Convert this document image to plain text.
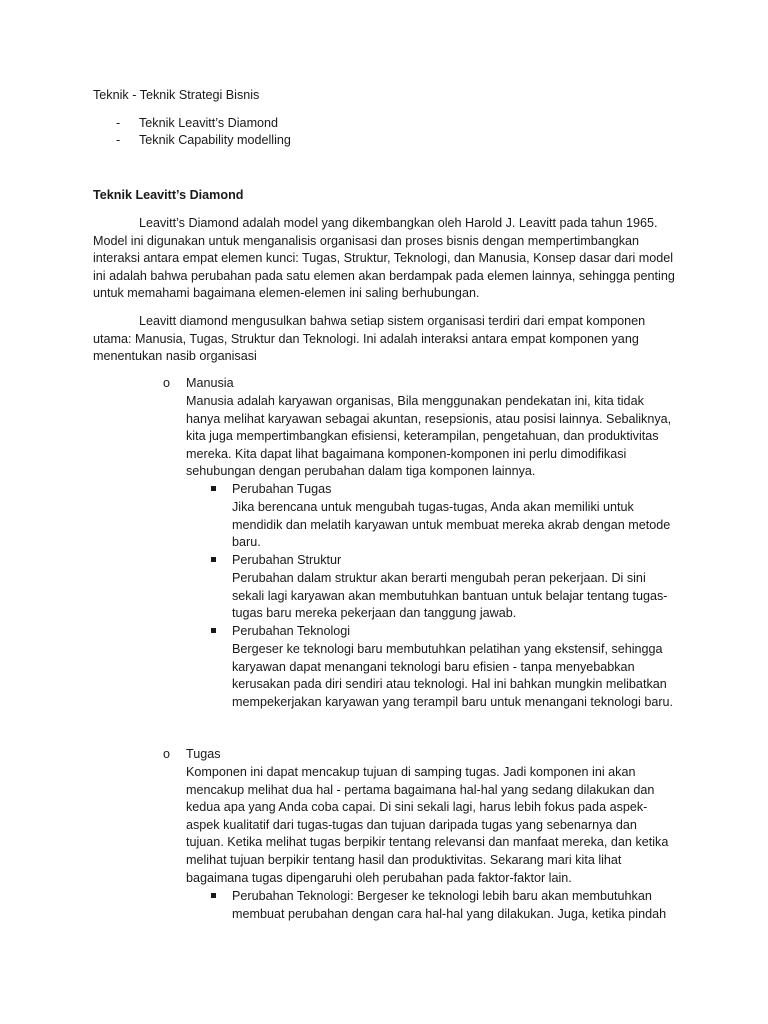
Teknik - Teknik Strategi Bisnis
-	Teknik Leavitt’s Diamond
-	Teknik Capability modelling
Teknik Leavitt’s Diamond

Leavitt’s Diamond adalah model yang dikembangkan oleh Harold J. Leavitt pada tahun 1965. Model ini digunakan untuk menganalisis organisasi dan proses bisnis dengan mempertimbangkan interaksi antara empat elemen kunci: Tugas, Struktur, Teknologi, dan Manusia, Konsep dasar dari model ini adalah bahwa perubahan pada satu elemen akan berdampak pada elemen lainnya, sehingga penting untuk memahami bagaimana elemen-elemen ini saling berhubungan.

Leavitt diamond mengusulkan bahwa setiap sistem organisasi terdiri dari empat komponen utama: Manusia, Tugas, Struktur dan Teknologi. Ini adalah interaksi antara empat komponen yang menentukan nasib organisasi

o Manusia

Manusia adalah karyawan organisas, Bila menggunakan pendekatan ini, kita tidak hanya melihat karyawan sebagai akuntan, resepsionis, atau posisi lainnya. Sebaliknya, kita juga mempertimbangkan efisiensi, keterampilan, pengetahuan, dan produktivitas mereka. Kita dapat lihat bagaimana komponen-komponen ini perlu dimodifikasi sehubungan dengan perubahan dalam tiga komponen lainnya.

Perubahan Tugas

Jika berencana untuk mengubah tugas-tugas, Anda akan memiliki untuk mendidik dan melatih karyawan untuk membuat mereka akrab dengan metode baru.

Perubahan Struktur

Perubahan dalam struktur akan berarti mengubah peran pekerjaan. Di sini sekali lagi karyawan akan membutuhkan bantuan untuk belajar tentang tugas-tugas baru mereka pekerjaan dan tanggung jawab.

Perubahan Teknologi

Bergeser ke teknologi baru membutuhkan pelatihan yang ekstensif, sehingga karyawan dapat menangani teknologi baru efisien - tanpa menyebabkan kerusakan pada diri sendiri atau teknologi. Hal ini bahkan mungkin melibatkan mempekerjakan karyawan yang terampil baru untuk menangani teknologi baru.

o Tugas

Komponen ini dapat mencakup tujuan di samping tugas. Jadi komponen ini akan mencakup melihat dua hal - pertama bagaimana hal-hal yang sedang dilakukan dan kedua apa yang Anda coba capai. Di sini sekali lagi, harus lebih fokus pada aspek-aspek kualitatif dari tugas-tugas dan tujuan daripada tugas yang sebenarnya dan tujuan. Ketika melihat tugas berpikir tentang relevansi dan manfaat mereka, dan ketika melihat tujuan berpikir tentang hasil dan produktivitas. Sekarang mari kita lihat bagaimana tugas dipengaruhi oleh perubahan pada faktor-faktor lain.

Perubahan Teknologi: Bergeser ke teknologi lebih baru akan membutuhkan membuat perubahan dengan cara hal-hal yang dilakukan. Juga, ketika pindah
